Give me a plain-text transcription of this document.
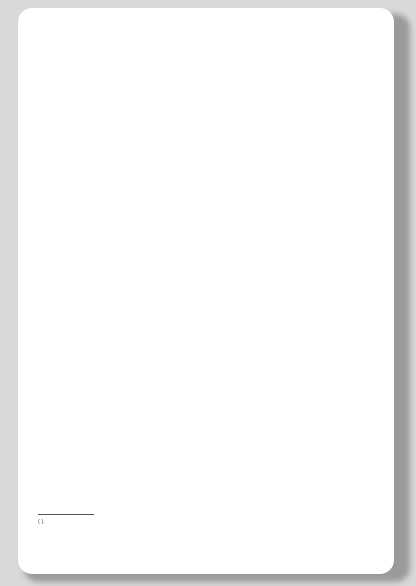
( ).
